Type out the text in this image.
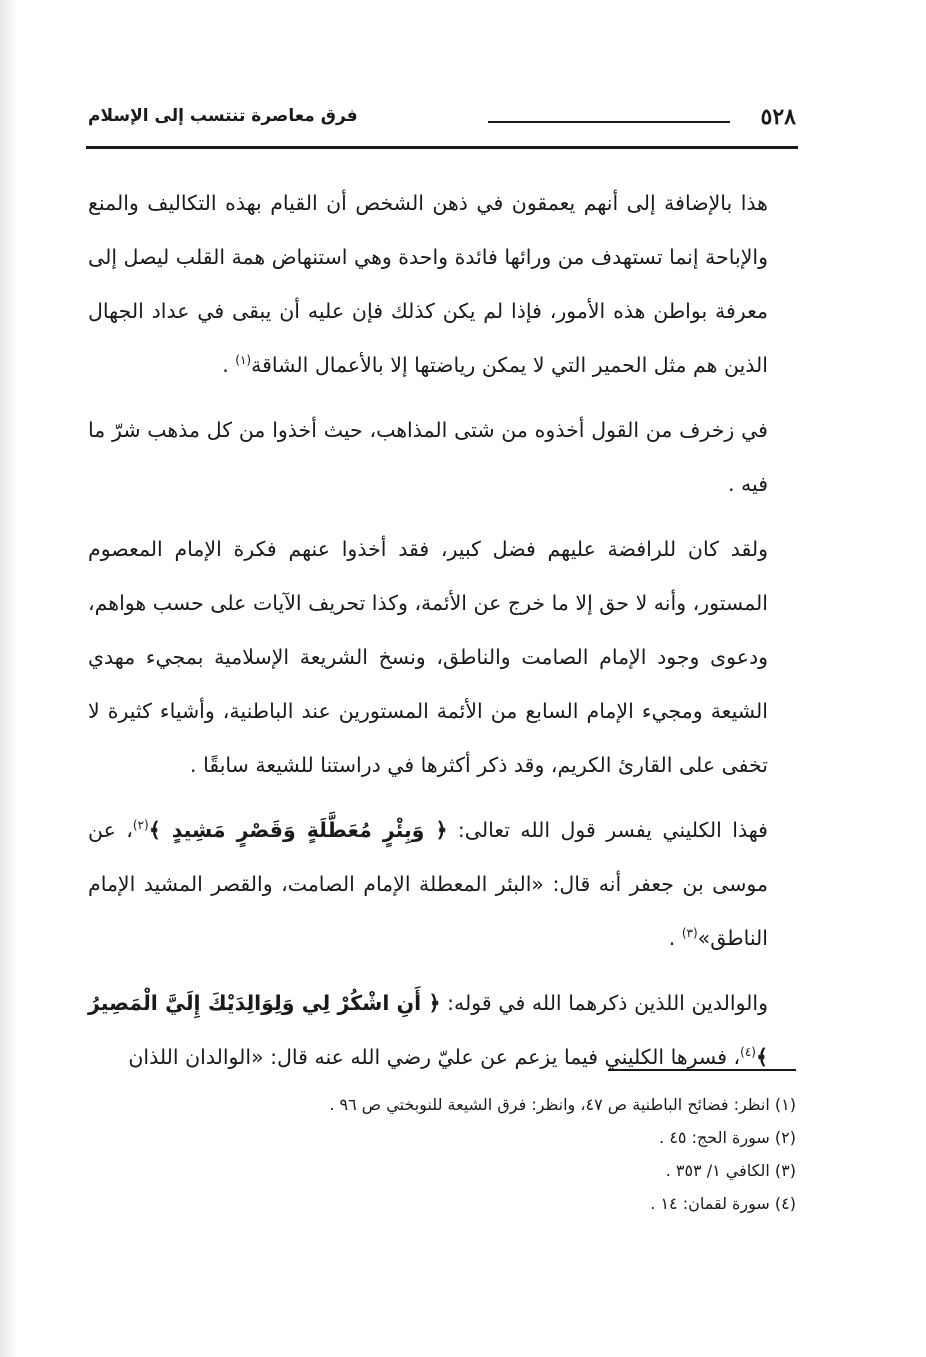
٥٢٨
فرق معاصرة تنتسب إلى الإسلام

هذا بالإضافة إلى أنهم يعمقون في ذهن الشخص أن القيام بهذه التكاليف والمنع والإباحة إنما تستهدف من ورائها فائدة واحدة وهي استنهاض همة القلب ليصل إلى معرفة بواطن هذه الأمور، فإذا لم يكن كذلك فإن عليه أن يبقى في عداد الجهال الذين هم مثل الحمير التي لا يمكن رياضتها إلا بالأعمال الشاقة$^{(١)}$ .

في زخرف من القول أخذوه من شتى المذاهب، حيث أخذوا من كل مذهب شرّ ما فيه .

ولقد كان للرافضة عليهم فضل كبير، فقد أخذوا عنهم فكرة الإمام المعصوم المستور، وأنه لا حق إلا ما خرج عن الأئمة، وكذا تحريف الآيات على حسب هواهم، ودعوى وجود الإمام الصامت والناطق، ونسخ الشريعة الإسلامية بمجيء مهدي الشيعة ومجيء الإمام السابع من الأئمة المستورين عند الباطنية، وأشياء كثيرة لا تخفى على القارئ الكريم، وقد ذكر أكثرها في دراستنا للشيعة سابقًا .

فهذا الكليني يفسر قول الله تعالى: ﴿ وَبِئْرٍ مُعَطَّلَةٍ وَقَصْرٍ مَشِيدٍ ﴾$^{(٢)}$، عن موسى بن جعفر أنه قال: «البئر المعطلة الإمام الصامت، والقصر المشيد الإمام الناطق»$^{(٣)}$ .

والوالدين اللذين ذكرهما الله في قوله: ﴿ أَنِ اشْكُرْ لِي وَلِوَالِدَيْكَ إِلَيَّ الْمَصِيرُ ﴾$^{(٤)}$، فسرها الكليني فيما يزعم عن عليّ رضي الله عنه قال: «الوالدان اللذان

(١) انظر: فضائح الباطنية ص ٤٧، وانظر: فرق الشيعة للنوبختي ص ٩٦ .
(٢) سورة الحج: ٤٥ .
(٣) الكافي ١/ ٣٥٣ .
(٤) سورة لقمان: ١٤ .
